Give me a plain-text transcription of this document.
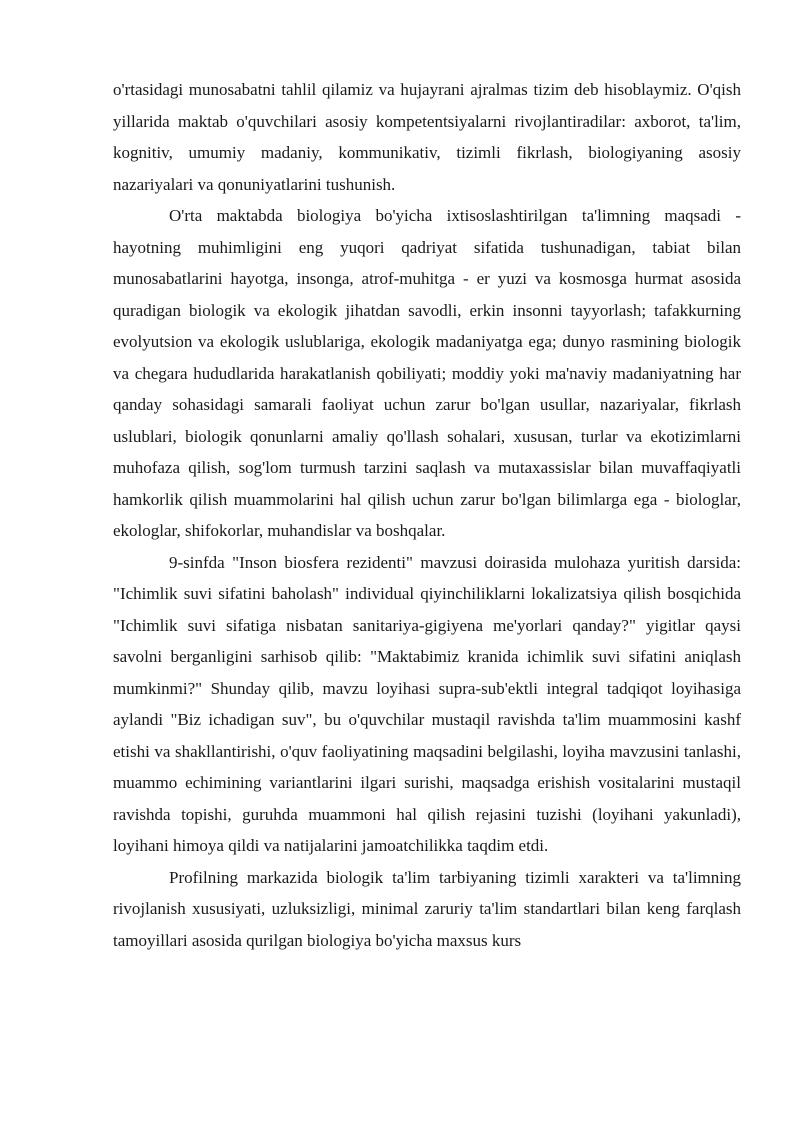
o'rtasidagi munosabatni tahlil qilamiz va hujayrani ajralmas tizim deb hisoblaymiz. O'qish yillarida maktab o'quvchilari asosiy kompetentsiyalarni rivojlantiradilar: axborot, ta'lim, kognitiv, umumiy madaniy, kommunikativ, tizimli fikrlash, biologiyaning asosiy nazariyalari va qonuniyatlarini tushunish.

O'rta maktabda biologiya bo'yicha ixtisoslashtirilgan ta'limning maqsadi - hayotning muhimligini eng yuqori qadriyat sifatida tushunadigan, tabiat bilan munosabatlarini hayotga, insonga, atrof-muhitga - er yuzi va kosmosga hurmat asosida quradigan biologik va ekologik jihatdan savodli, erkin insonni tayyorlash; tafakkurning evolyutsion va ekologik uslublariga, ekologik madaniyatga ega; dunyo rasmining biologik va chegara hududlarida harakatlanish qobiliyati; moddiy yoki ma'naviy madaniyatning har qanday sohasidagi samarali faoliyat uchun zarur bo'lgan usullar, nazariyalar, fikrlash uslublari, biologik qonunlarni amaliy qo'llash sohalari, xususan, turlar va ekotizimlarni muhofaza qilish, sog'lom turmush tarzini saqlash va mutaxassislar bilan muvaffaqiyatli hamkorlik qilish muammolarini hal qilish uchun zarur bo'lgan bilimlarga ega - biologlar, ekologlar, shifokorlar, muhandislar va boshqalar.

9-sinfda "Inson biosfera rezidenti" mavzusi doirasida mulohaza yuritish darsida: "Ichimlik suvi sifatini baholash" individual qiyinchiliklarni lokalizatsiya qilish bosqichida "Ichimlik suvi sifatiga nisbatan sanitariya-gigiyena me'yorlari qanday?" yigitlar qaysi savolni berganligini sarhisob qilib: "Maktabimiz kranida ichimlik suvi sifatini aniqlash mumkinmi?" Shunday qilib, mavzu loyihasi supra-sub'ektli integral tadqiqot loyihasiga aylandi "Biz ichadigan suv", bu o'quvchilar mustaqil ravishda ta'lim muammosini kashf etishi va shakllantirishi, o'quv faoliyatining maqsadini belgilashi, loyiha mavzusini tanlashi, muammo echimining variantlarini ilgari surishi, maqsadga erishish vositalarini mustaqil ravishda topishi, guruhda muammoni hal qilish rejasini tuzishi (loyihani yakunladi), loyihani himoya qildi va natijalarini jamoatchilikka taqdim etdi.

Profilning markazida biologik ta'lim tarbiyaning tizimli xarakteri va ta'limning rivojlanish xususiyati, uzluksizligi, minimal zaruriy ta'lim standartlari bilan keng farqlash tamoyillari asosida qurilgan biologiya bo'yicha maxsus kurs
